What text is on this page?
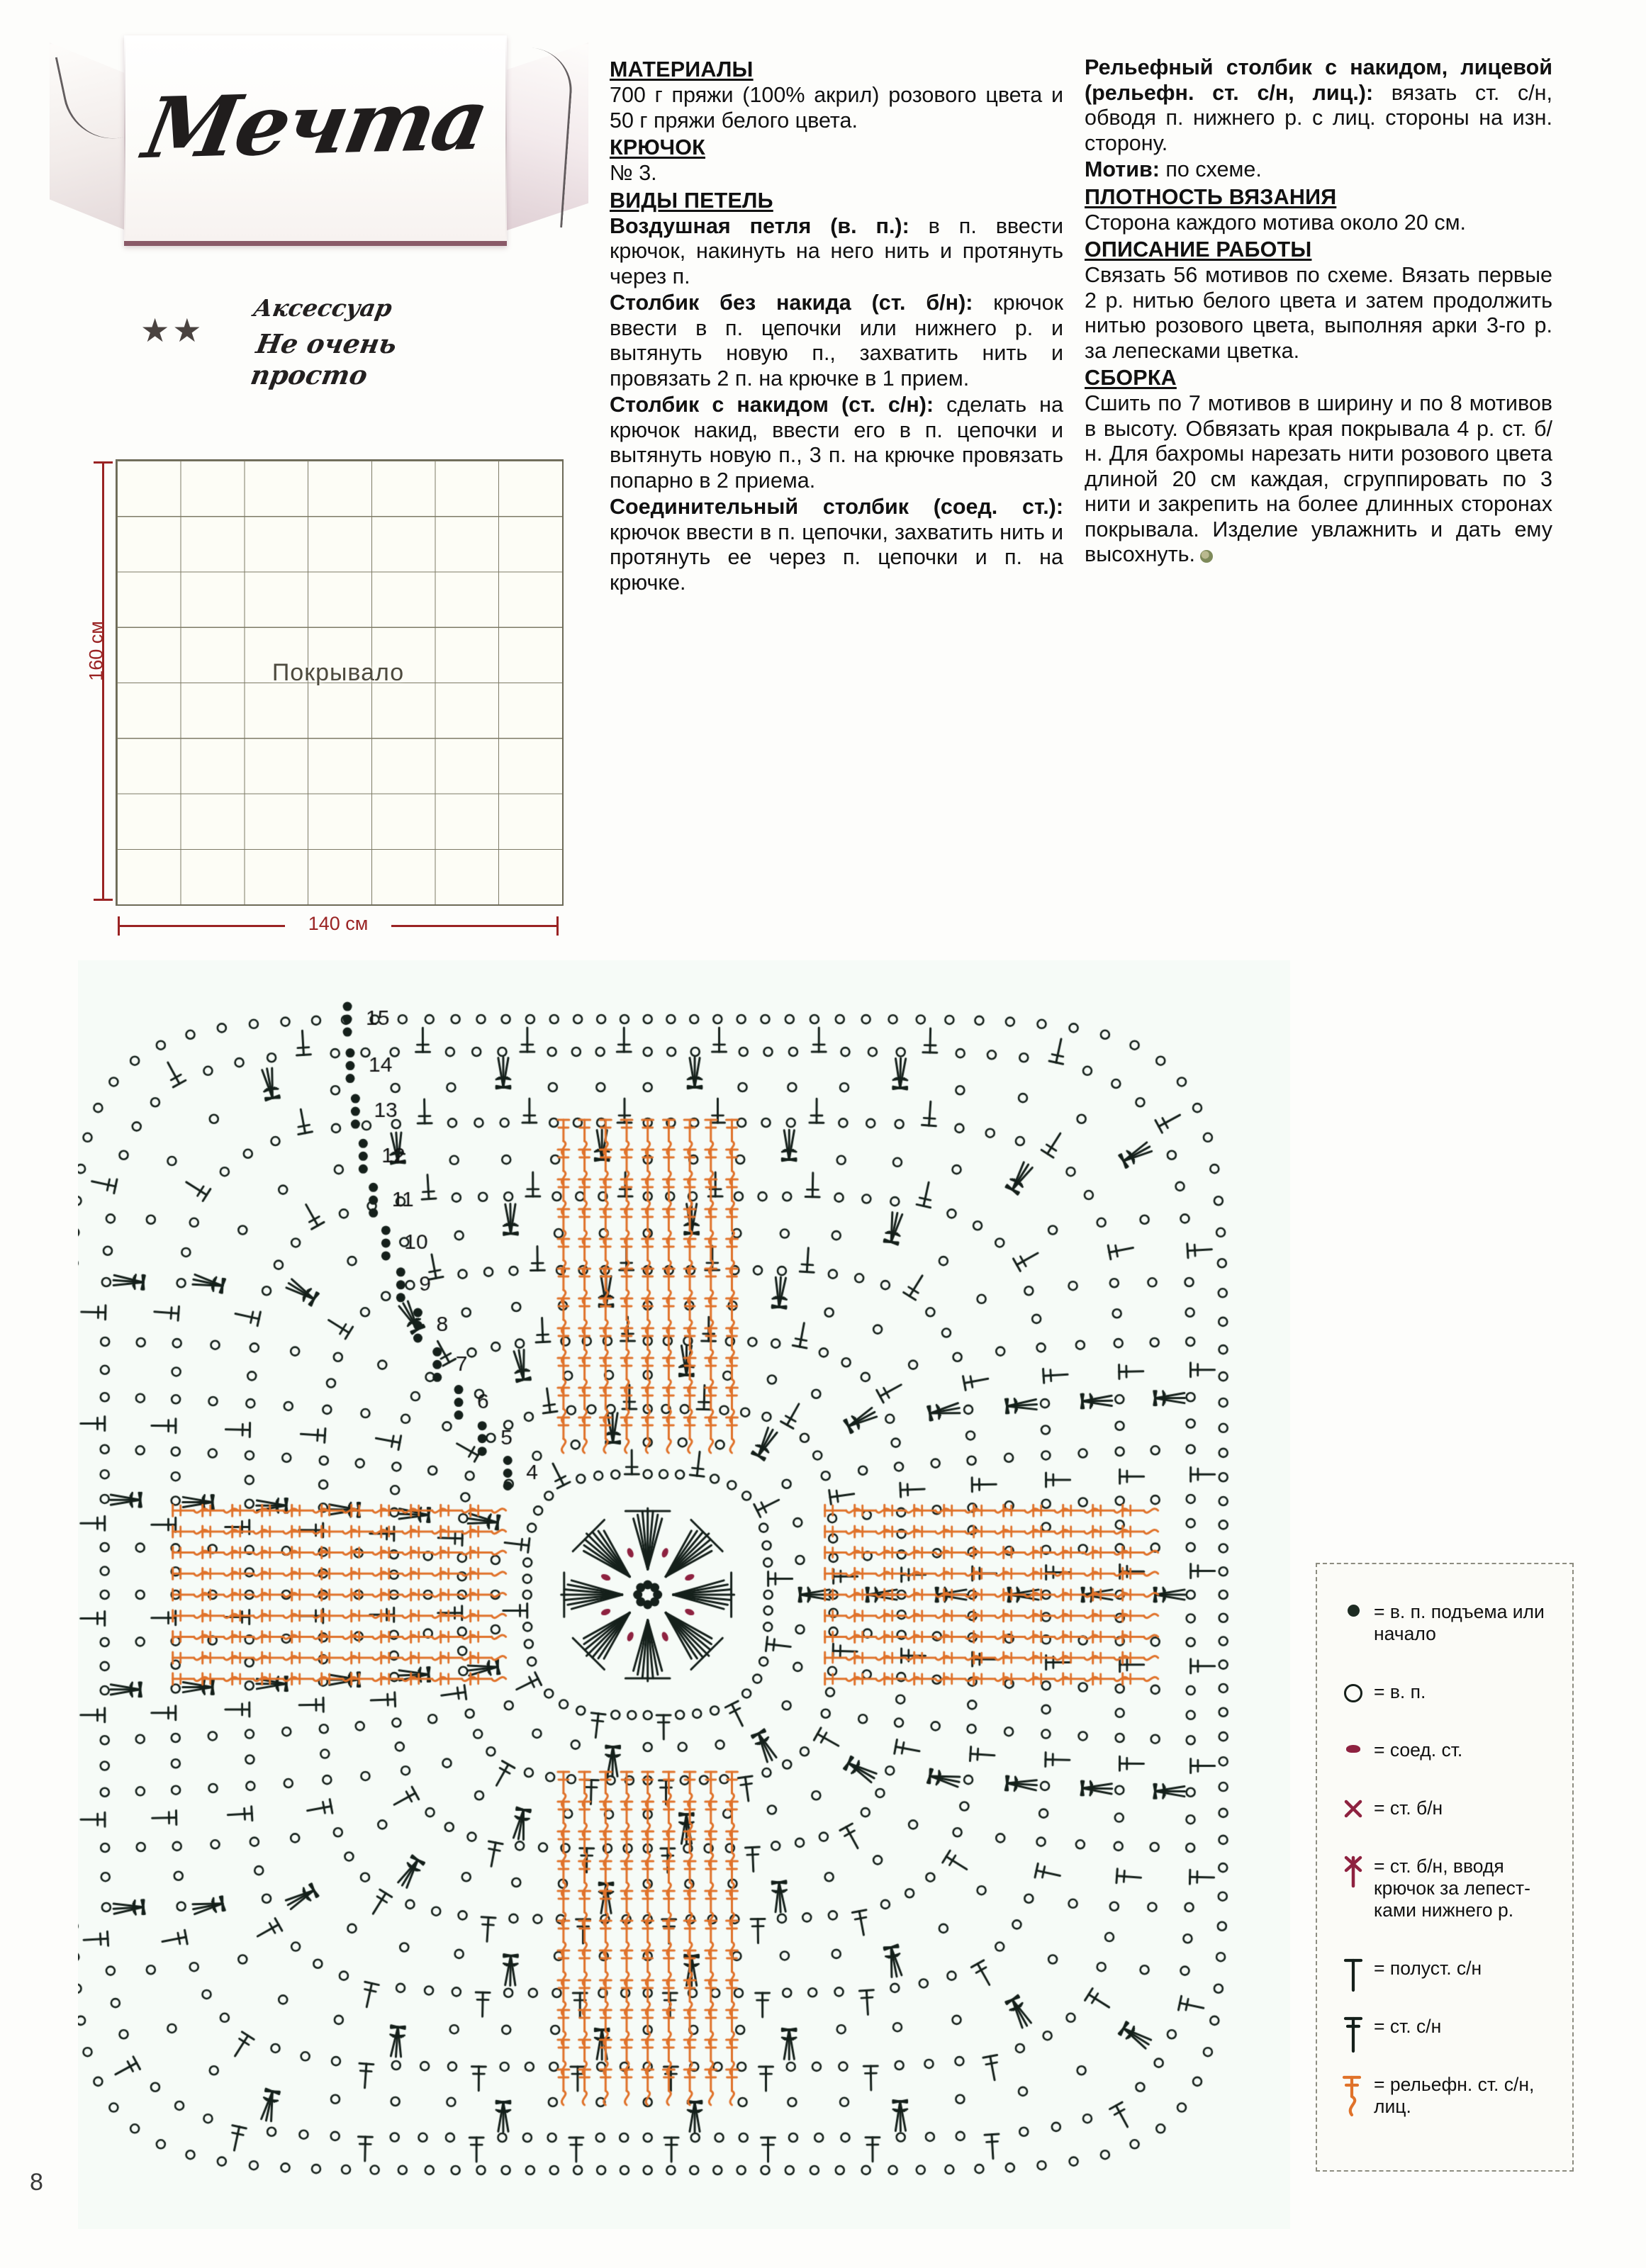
Мечта
★★
Аксессуар
Не очень просто
Покрывало
160 см
140 см

МАТЕРИАЛЫ

700 г пряжи (100% акрил) розового цвета и 50 г пряжи белого цвета.

КРЮЧОК

№ 3.

ВИДЫ ПЕТЕЛЬ

Воздушная петля (в. п.): в п. ввести крючок, накинуть на него нить и протянуть через п.

Столбик без накида (ст. б/н): крючок ввести в п. цепочки или нижнего р. и вытянуть новую п., захватить нить и провязать 2 п. на крючке в 1 прием.

Столбик с накидом (ст. с/н): сделать на крючок накид, ввести его в п. цепочки и вытянуть новую п., 3 п. на крючке провязать попарно в 2 приема.

Соединительный столбик (соед. ст.): крючок ввести в п. цепочки, захватить нить и протянуть ее через п. цепочки и п. на крючке.

Рельефный столбик с накидом, лицевой (рельефн. ст. с/н, лиц.): вязать ст. с/н, обводя п. нижнего р. с лиц. стороны на изн. сторону.

Мотив: по схеме.

ПЛОТНОСТЬ ВЯЗАНИЯ

Сторона каждого мотива около 20 см.

ОПИСАНИЕ РАБОТЫ

Связать 56 мотивов по схеме. Вязать первые 2 р. нитью белого цвета и затем продолжить нитью розового цвета, выполняя арки 3-го р. за лепесками цветка.

СБОРКА

Сшить по 7 мотивов в ширину и по 8 мотивов в высоту. Обвязать края покрывала 4 р. ст. б/н. Для бахромы нарезать нити розового цвета длиной 20 см каждая, сгруппировать по 3 нити и закрепить на более длинных сторонах покрывала. Изделие увлажнить и дать ему высохнуть.

= в. п. подъема или начало
= в. п.
= соед. ст.
= ст. б/н
= ст. б/н, вводя крючок за лепестками нижнего р.
= полуст. с/н
= ст. с/н
= рельефн. ст. с/н, лиц.
8
